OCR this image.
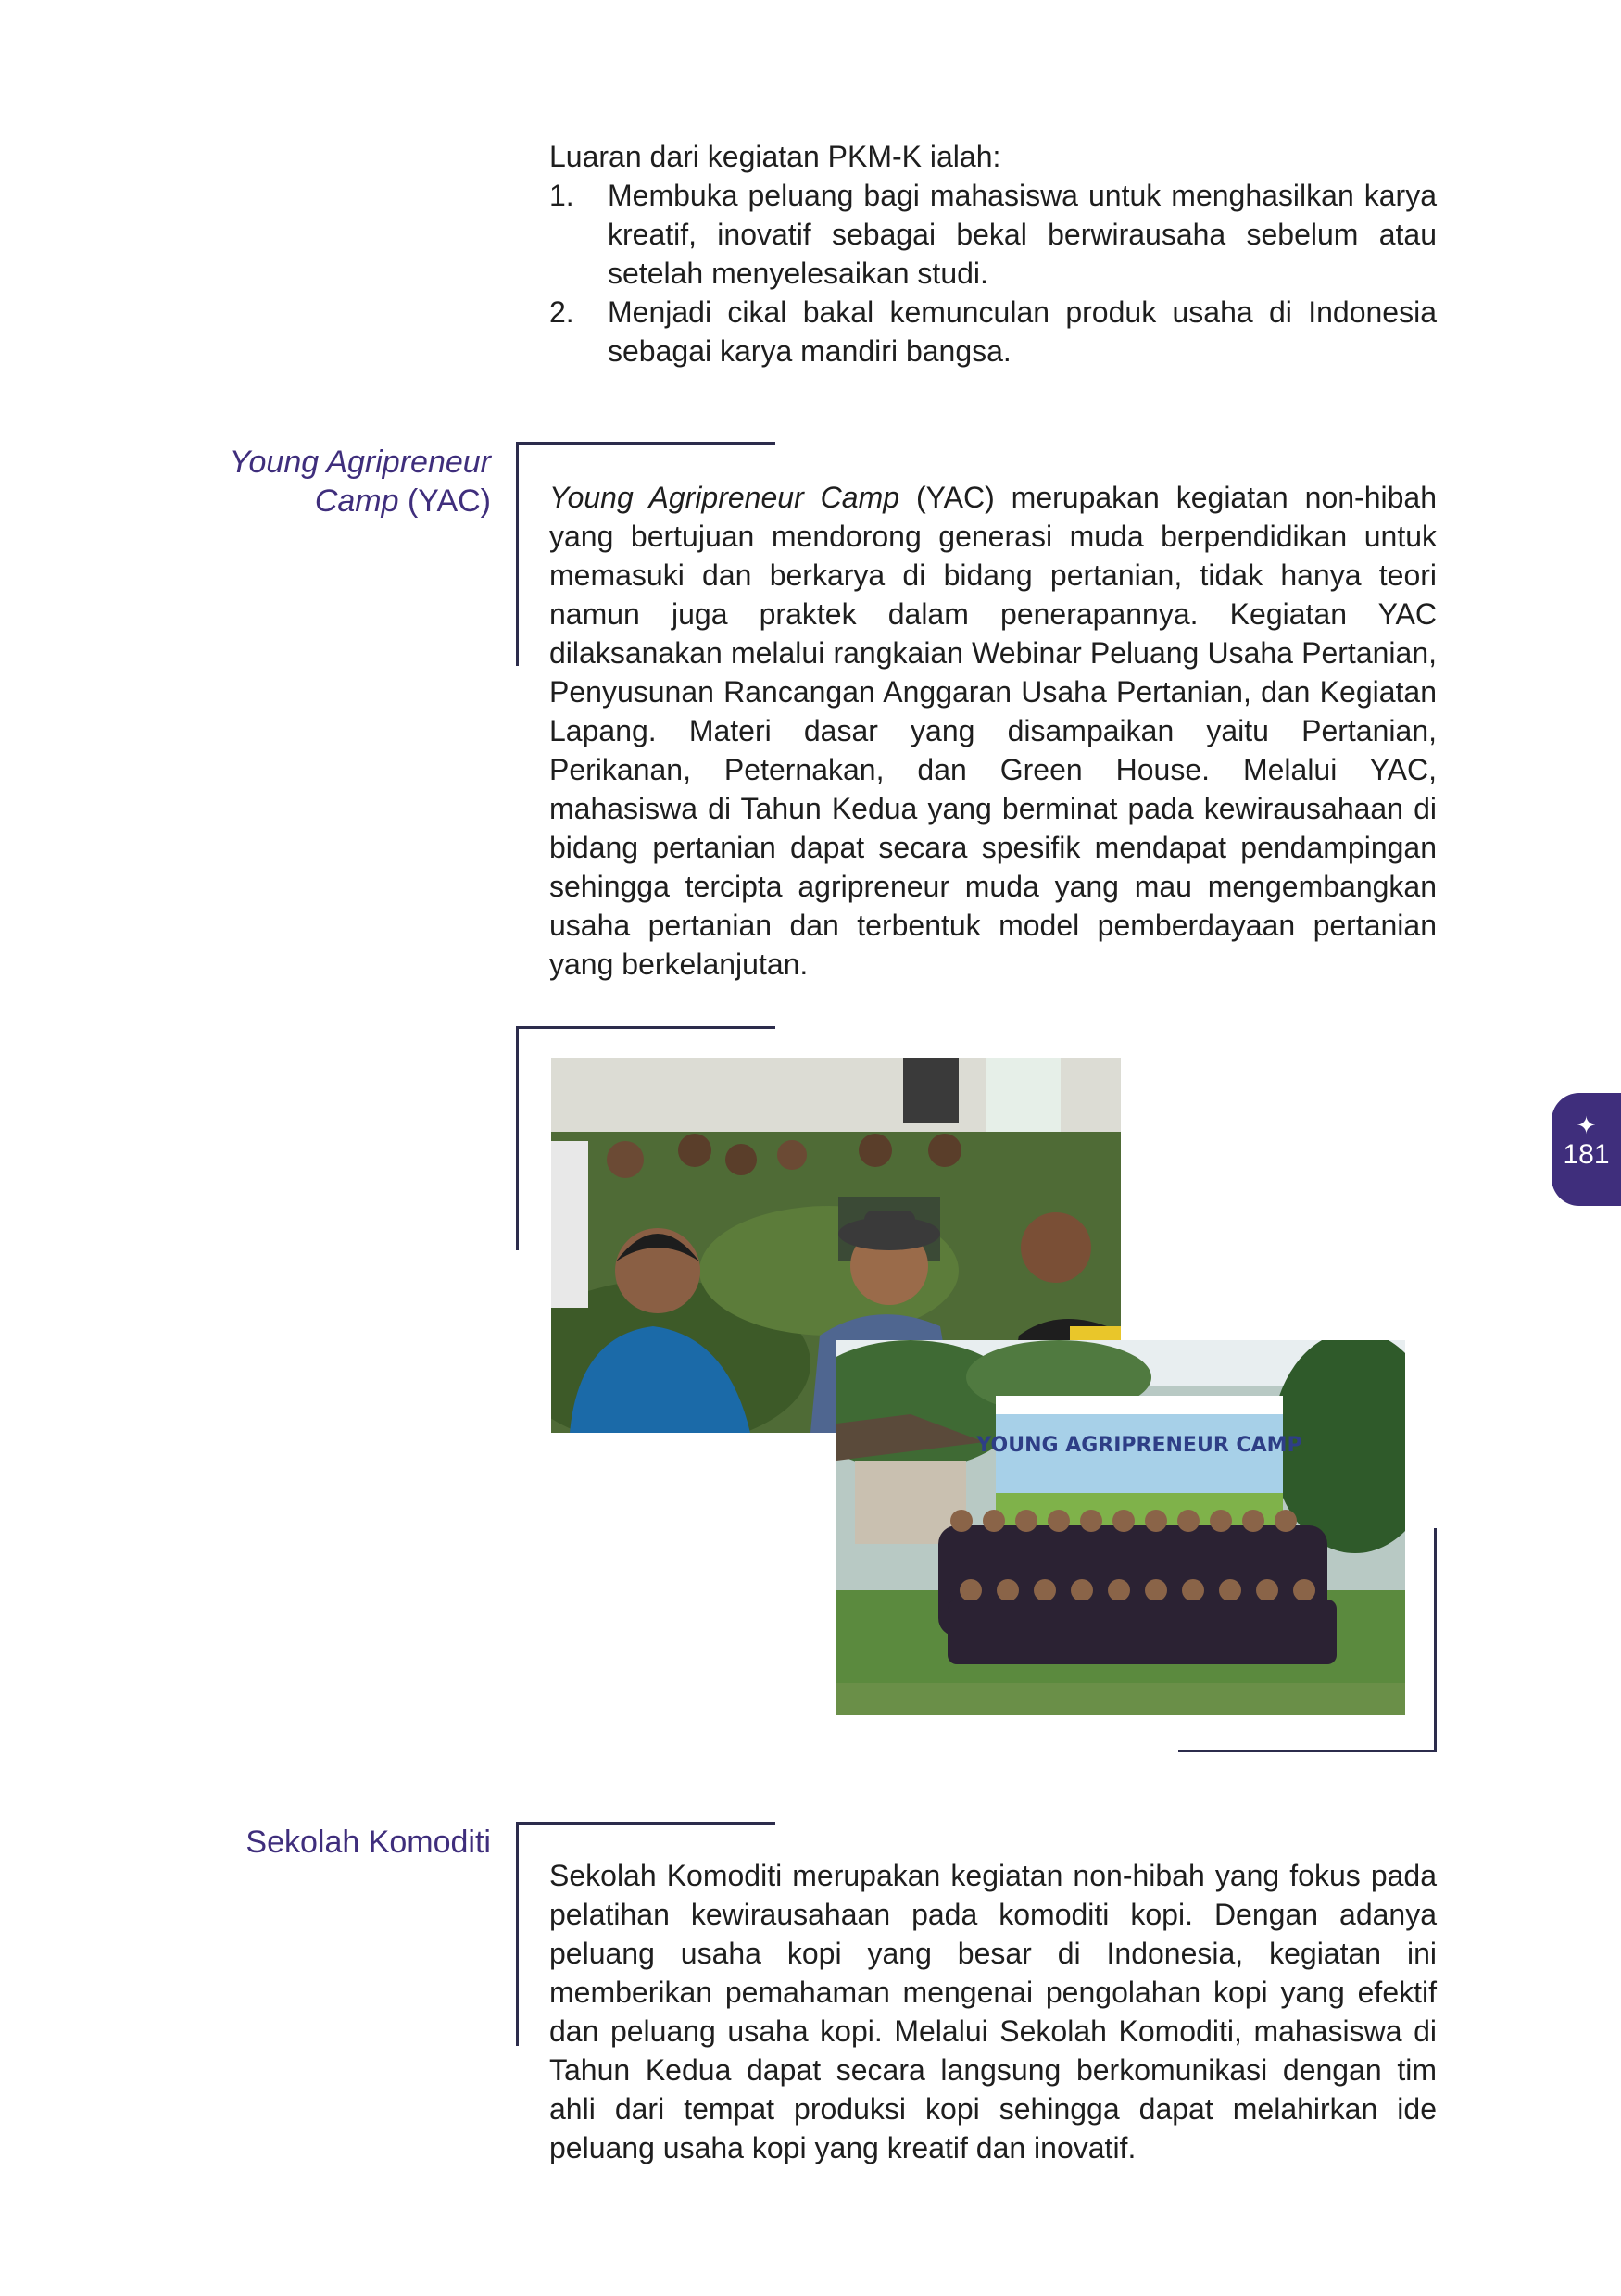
Luaran dari kegiatan PKM-K ialah:

1. Membuka peluang bagi mahasiswa untuk menghasilkan karya kreatif, inovatif sebagai bekal berwirausaha sebelum atau setelah menyelesaikan studi.
2. Menjadi cikal bakal kemunculan produk usaha di Indonesia sebagai karya mandiri bangsa.
Young Agripreneur
Camp (YAC) Young Agripreneur Camp (YAC) merupakan kegiatan non-hibah yang bertujuan mendorong generasi muda berpendidikan untuk memasuki dan berkarya di bidang pertanian, tidak hanya teori namun juga praktek dalam penerapannya. Kegiatan YAC dilaksanakan melalui rangkaian Webinar Peluang Usaha Pertanian, Penyusunan Rancangan Anggaran Usaha Pertanian, dan Kegiatan Lapang. Materi dasar yang disampaikan yaitu Pertanian, Perikanan, Peternakan, dan Green House. Melalui YAC, mahasiswa di Tahun Kedua yang berminat pada kewirausahaan di bidang pertanian dapat secara spesifik mendapat pendampingan sehingga tercipta agripreneur muda yang mau mengembangkan usaha pertanian dan terbentuk model pemberdayaan pertanian yang berkelanjutan.

YOUNG AGRIPRENEUR CAMP
Sekolah Komoditi

Sekolah Komoditi merupakan kegiatan non-hibah yang fokus pada pelatihan kewirausahaan pada komoditi kopi. Dengan adanya peluang usaha kopi yang besar di Indonesia, kegiatan ini memberikan pemahaman mengenai pengolahan kopi yang efektif dan peluang usaha kopi. Melalui Sekolah Komoditi, mahasiswa di Tahun Kedua dapat secara langsung berkomunikasi dengan tim ahli dari tempat produksi kopi sehingga dapat melahirkan ide peluang usaha kopi yang kreatif dan inovatif.

✦
181
